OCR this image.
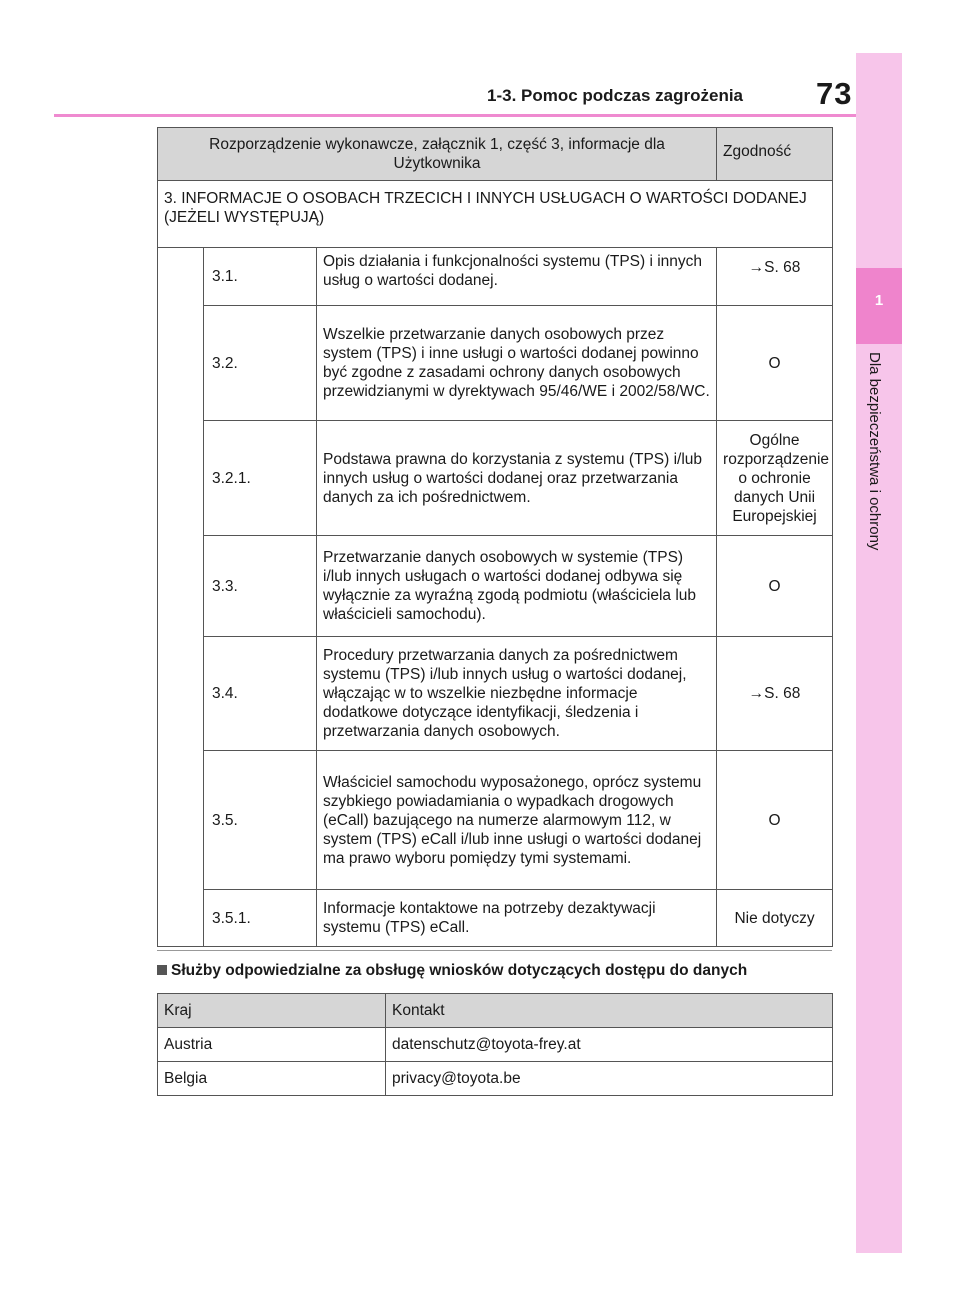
1-3. Pomoc podczas zagrożenia 73
1
Dla bezpieczeństwa i ochrony
Rozporządzenie wykonawcze, załącznik 1, część 3, informacje dla Użytkownika			Zgodność
3. INFORMACJE O OSOBACH TRZECICH I INNYCH USŁUGACH O WARTOŚCI DODANEJ (JEŻELI WYSTĘPUJĄ)			
	3.1.	Opis działania i funkcjonalności systemu (TPS) i innych usług o wartości dodanej.	→S. 68
	3.2.	Wszelkie przetwarzanie danych osobowych przez system (TPS) i inne usługi o wartości dodanej powinno być zgodne z zasadami ochrony danych osobowych przewidzianymi w dyrektywach 95/46/WE i 2002/58/WC.	O
	3.2.1.	Podstawa prawna do korzystania z systemu (TPS) i/lub innych usług o wartości dodanej oraz przetwarzania danych za ich pośrednictwem.	Ogólne rozporządzenie o ochronie danych Unii Europejskiej
	3.3.	Przetwarzanie danych osobowych w systemie (TPS) i/lub innych usługach o wartości dodanej odbywa się wyłącznie za wyraźną zgodą podmiotu (właściciela lub właścicieli samochodu).	O
	3.4.	Procedury przetwarzania danych za pośrednictwem systemu (TPS) i/lub innych usług o wartości dodanej, włączając w to wszelkie niezbędne informacje dodatkowe dotyczące identyfikacji, śledzenia i przetwarzania danych osobowych.	→S. 68
	3.5.	Właściciel samochodu wyposażonego, oprócz systemu szybkiego powiadamiania o wypadkach drogowych (eCall) bazującego na numerze alarmowym 112, w system (TPS) eCall i/lub inne usługi o wartości dodanej ma prawo wyboru pomiędzy tymi systemami.	O
	3.5.1.	Informacje kontaktowe na potrzeby dezaktywacji systemu (TPS) eCall.	Nie dotyczy
Służby odpowiedzialne za obsługę wniosków dotyczących dostępu do danych
Kraj	Kontakt
Austria	datenschutz@toyota-frey.at
Belgia	privacy@toyota.be
